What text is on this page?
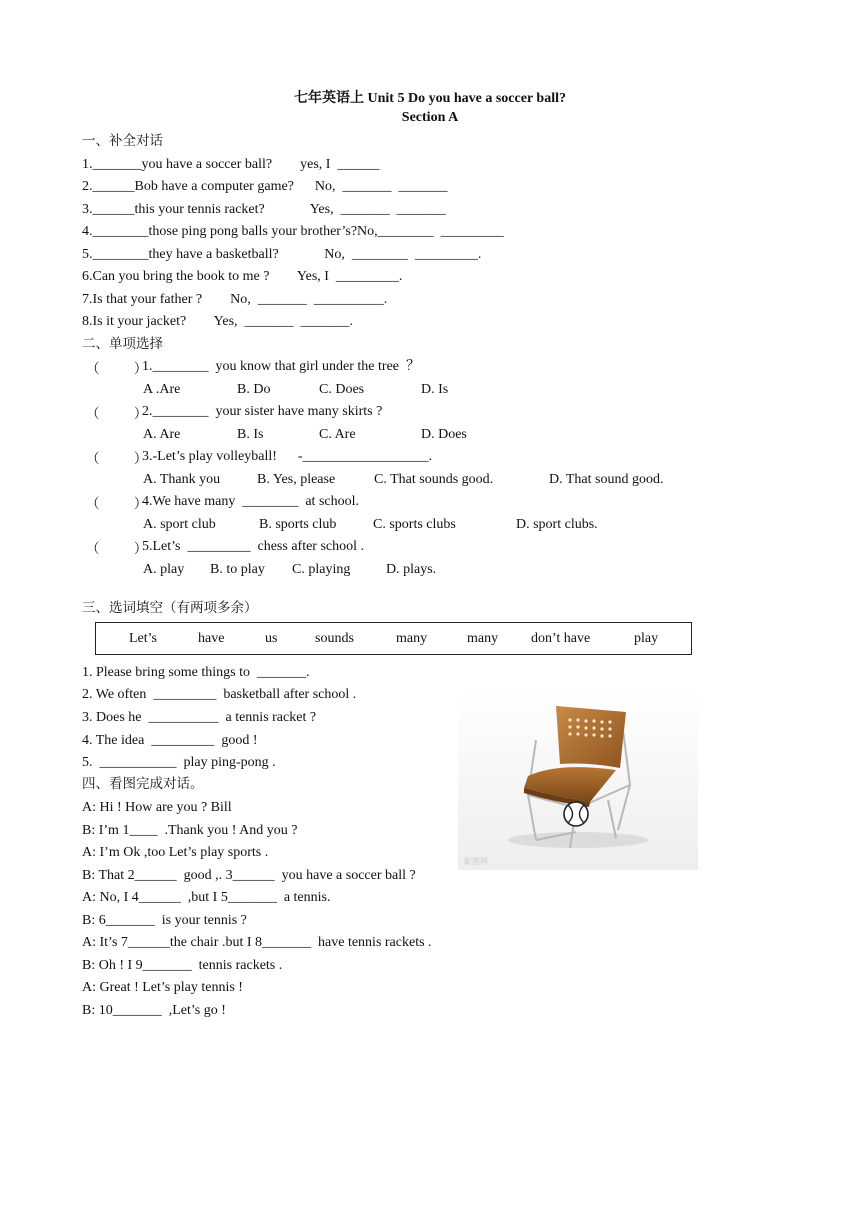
七年英语上 Unit 5 Do you have a soccer ball?
Section A
一、补全对话
1._______you have a soccer ball?        yes, I  ______
2.______Bob have a computer game?      No,  _______  _______
3.______this your tennis racket?             Yes,  _______  _______
4.________those ping pong balls your brother’s?No,________  _________
5.________they have a basketball?             No,  ________  _________.
6.Can you bring the book to me ?        Yes, I  _________.
7.Is that your father ?        No,  _______  __________.
8.Is it your jacket?        Yes,  _______  _______.
二、单项选择
（        ）
1.________  you know that girl under the tree  ？
A .Are	B. Do	C. Does	D. Is
（        ）
2.________  your sister have many skirts ?
A. Are	B. Is	C. Are	D. Does
（        ）
3.-Let’s play volleyball!      -__________________.
A. Thank you	B. Yes, please	C. That sounds good.	D. That sound good.
（        ）
4.We have many  ________  at school.
A. sport club	B. sports club	C. sports clubs	D. sport clubs.
（        ）
5.Let’s  _________  chess after school .
A. play B. to play C. playing	D. plays.
三、选词填空（有两项多余）
Let’s	have	us	sounds	many	many don’t have	play
1. Please bring some things to  _______.
2. We often  _________  basketball after school .
3. Does he  __________  a tennis racket ?
4. The idea  _________  good !
5.  ___________  play ping-pong .
四、看图完成对话。
A: Hi ! How are you ? Bill
B: I’m 1____  .Thank you ! And you ?
A: I’m Ok ,too Let’s play sports .
B: That 2______  good ,. 3______  you have a soccer ball ?
A: No, I 4______  ,but I 5_______  a tennis.
B: 6_______  is your tennis ?
A: It’s 7______the chair .but I 8_______  have tennis rackets .
B: Oh ! I 9_______  tennis rackets .
A: Great ! Let’s play tennis !
B: 10_______  ,Let’s go !
昵图网
